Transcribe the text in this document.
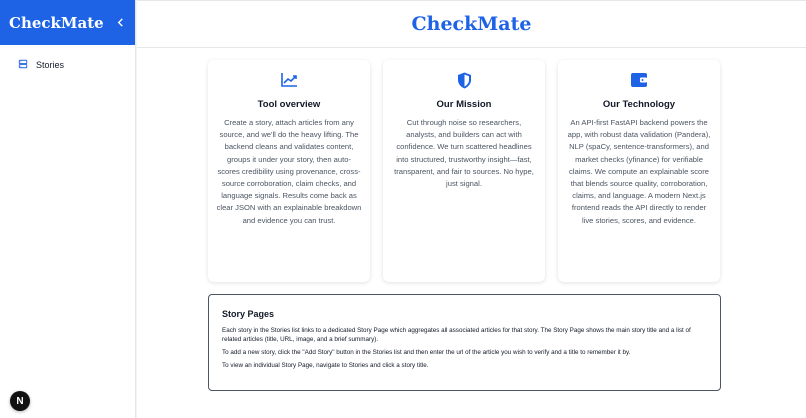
CheckMate
Stories
N
CheckMate
Tool overview

Create a story, attach articles from any source, and we'll do the heavy lifting. The backend cleans and validates content, groups it under your story, then auto-scores credibility using provenance, cross-source corroboration, claim checks, and language signals. Results come back as clear JSON with an explainable breakdown and evidence you can trust.

Our Mission

Cut through noise so researchers, analysts, and builders can act with confidence. We turn scattered headlines into structured, trustworthy insight—fast, transparent, and fair to sources. No hype, just signal.

Our Technology

An API-first FastAPI backend powers the app, with robust data validation (Pandera), NLP (spaCy, sentence-transformers), and market checks (yfinance) for verifiable claims. We compute an explainable score that blends source quality, corroboration, claims, and language. A modern Next.js frontend reads the API directly to render live stories, scores, and evidence.

Story Pages

Each story in the Stories list links to a dedicated Story Page which aggregates all associated articles for that story. The Story Page shows the main story title and a list of related articles (title, URL, image, and a brief summary).

To add a new story, click the "Add Story" button in the Stories list and then enter the url of the article you wish to verify and a title to remember it by.

To view an individual Story Page, navigate to Stories and click a story title.
